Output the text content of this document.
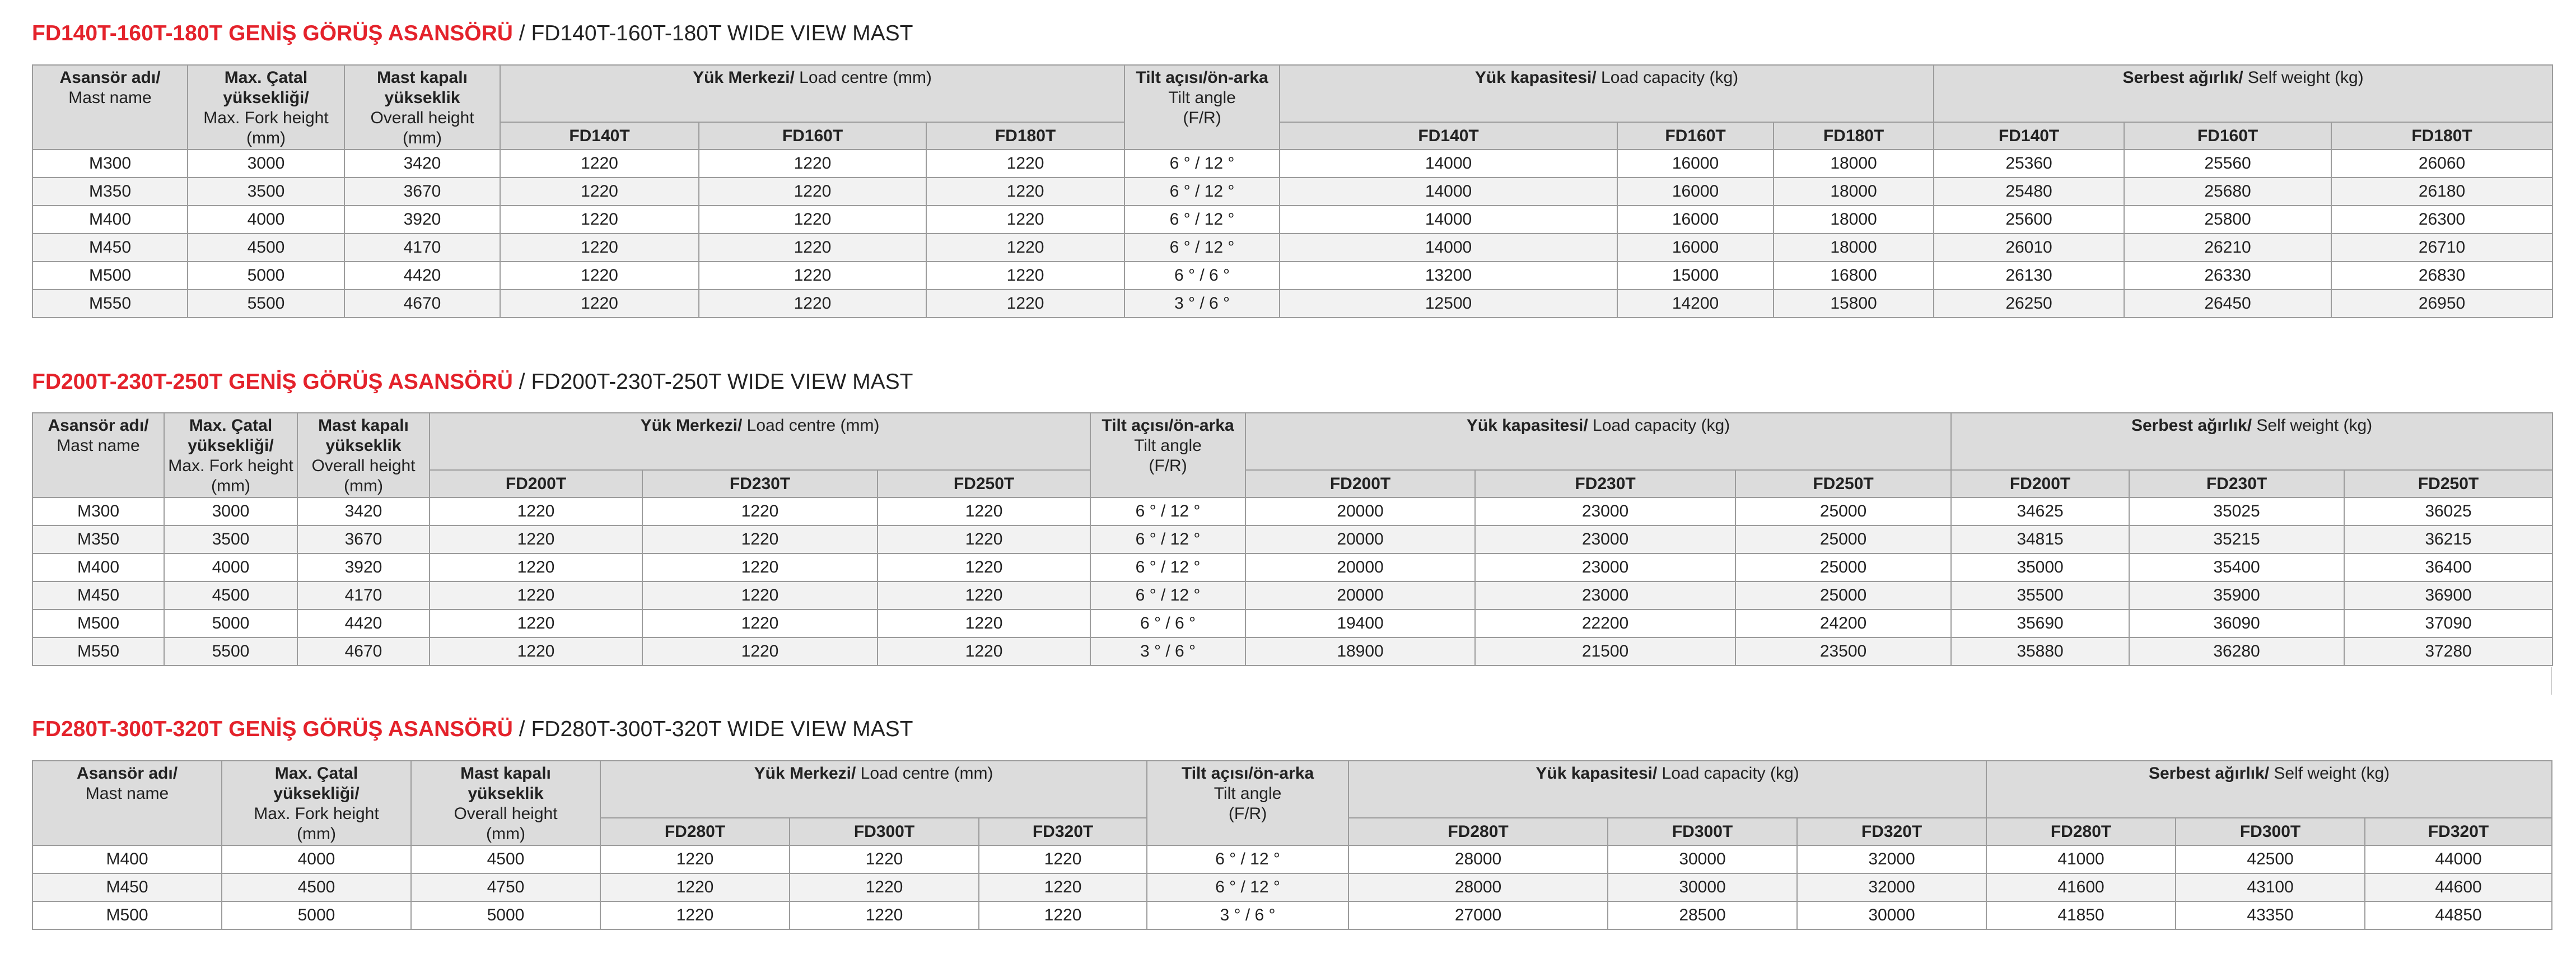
FD140T-160T-180T GENİŞ GÖRÜŞ ASANSÖRÜ / FD140T-160T-180T WIDE VIEW MAST
Asansör adı/
Mast name	Max. Çatal
yüksekliği/
Max. Fork height
(mm)	Mast kapalı
yükseklik
Overall height
(mm)	Yük Merkezi/ Load centre (mm)			Tilt açısı/ön-arka
Tilt angle
(F/R)	Yük kapasitesi/ Load capacity (kg)			Serbest ağırlık/ Self weight (kg)		
			FD140T	FD160T	FD180T		FD140T	FD160T	FD180T	FD140T	FD160T	FD180T
M300	3000	3420	1220	1220	1220	6 ° / 12 °	14000	16000	18000	25360	25560	26060
M350	3500	3670	1220	1220	1220	6 ° / 12 °	14000	16000	18000	25480	25680	26180
M400	4000	3920	1220	1220	1220	6 ° / 12 °	14000	16000	18000	25600	25800	26300
M450	4500	4170	1220	1220	1220	6 ° / 12 °	14000	16000	18000	26010	26210	26710
M500	5000	4420	1220	1220	1220	6 ° / 6 °	13200	15000	16800	26130	26330	26830
M550	5500	4670	1220	1220	1220	3 ° / 6 °	12500	14200	15800	26250	26450	26950
FD200T-230T-250T GENİŞ GÖRÜŞ ASANSÖRÜ / FD200T-230T-250T WIDE VIEW MAST
Asansör adı/
Mast name	Max. Çatal
yüksekliği/
Max. Fork height
(mm)	Mast kapalı
yükseklik
Overall height
(mm)	Yük Merkezi/ Load centre (mm)			Tilt açısı/ön-arka
Tilt angle
(F/R)	Yük kapasitesi/ Load capacity (kg)			Serbest ağırlık/ Self weight (kg)		
			FD200T	FD230T	FD250T		FD200T	FD230T	FD250T	FD200T	FD230T	FD250T
M300	3000	3420	1220	1220	1220	6 ° / 12 °	20000	23000	25000	34625	35025	36025
M350	3500	3670	1220	1220	1220	6 ° / 12 °	20000	23000	25000	34815	35215	36215
M400	4000	3920	1220	1220	1220	6 ° / 12 °	20000	23000	25000	35000	35400	36400
M450	4500	4170	1220	1220	1220	6 ° / 12 °	20000	23000	25000	35500	35900	36900
M500	5000	4420	1220	1220	1220	6 ° / 6 °	19400	22200	24200	35690	36090	37090
M550	5500	4670	1220	1220	1220	3 ° / 6 °	18900	21500	23500	35880	36280	37280
FD280T-300T-320T GENİŞ GÖRÜŞ ASANSÖRÜ / FD280T-300T-320T WIDE VIEW MAST
Asansör adı/
Mast name	Max. Çatal
yüksekliği/
Max. Fork height
(mm)	Mast kapalı
yükseklik
Overall height
(mm)	Yük Merkezi/ Load centre (mm)			Tilt açısı/ön-arka
Tilt angle
(F/R)	Yük kapasitesi/ Load capacity (kg)			Serbest ağırlık/ Self weight (kg)		
			FD280T	FD300T	FD320T		FD280T	FD300T	FD320T	FD280T	FD300T	FD320T
M400	4000	4500	1220	1220	1220	6 ° / 12 °	28000	30000	32000	41000	42500	44000
M450	4500	4750	1220	1220	1220	6 ° / 12 °	28000	30000	32000	41600	43100	44600
M500	5000	5000	1220	1220	1220	3 ° / 6 °	27000	28500	30000	41850	43350	44850
